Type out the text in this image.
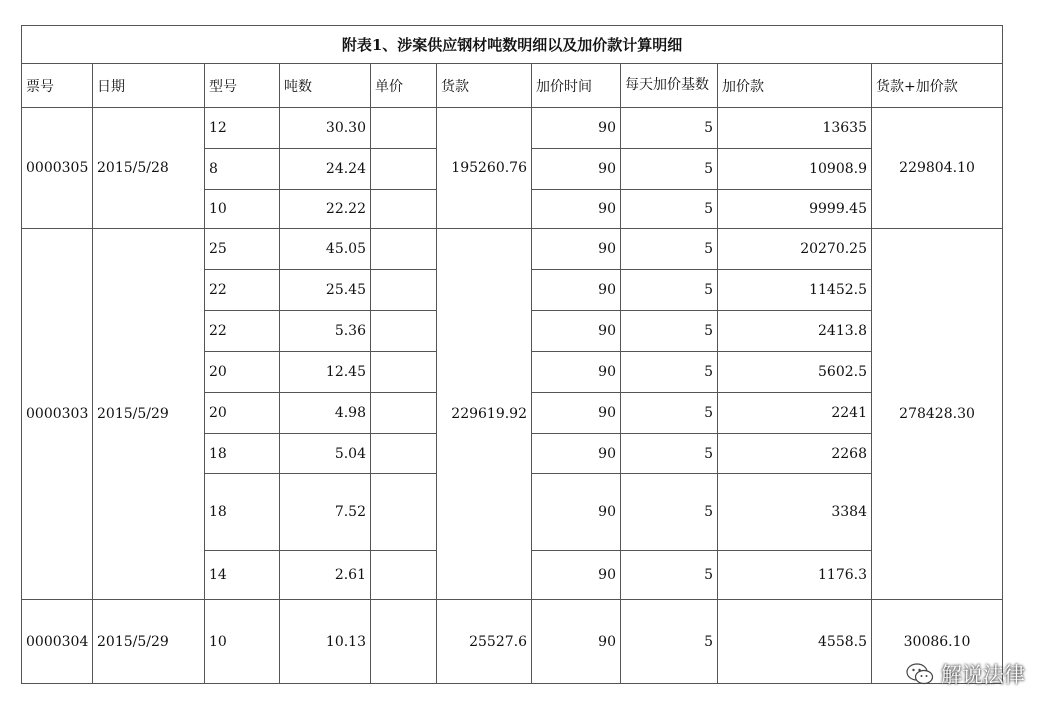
附表1、涉案供应钢材吨数明细以及加价款计算明细									
票号	日期	型号	吨数	单价	货款	加价时间	每天加价基数	加价款	货款+加价款
0000305	2015/5/28	12	30.30		195260.76	90	5	13635	229804.10
		8	24.24			90	5	10908.9	
		10	22.22			90	5	9999.45	
0000303	2015/5/29	25	45.05		229619.92	90	5	20270.25	278428.30
		22	25.45			90	5	11452.5	
		22	5.36			90	5	2413.8	
		20	12.45			90	5	5602.5	
		20	4.98			90	5	2241	
		18	5.04			90	5	2268	
		18	7.52			90	5	3384	
		14	2.61			90	5	1176.3	
0000304	2015/5/29	10	10.13		25527.6	90	5	4558.5	30086.10
解说法律
